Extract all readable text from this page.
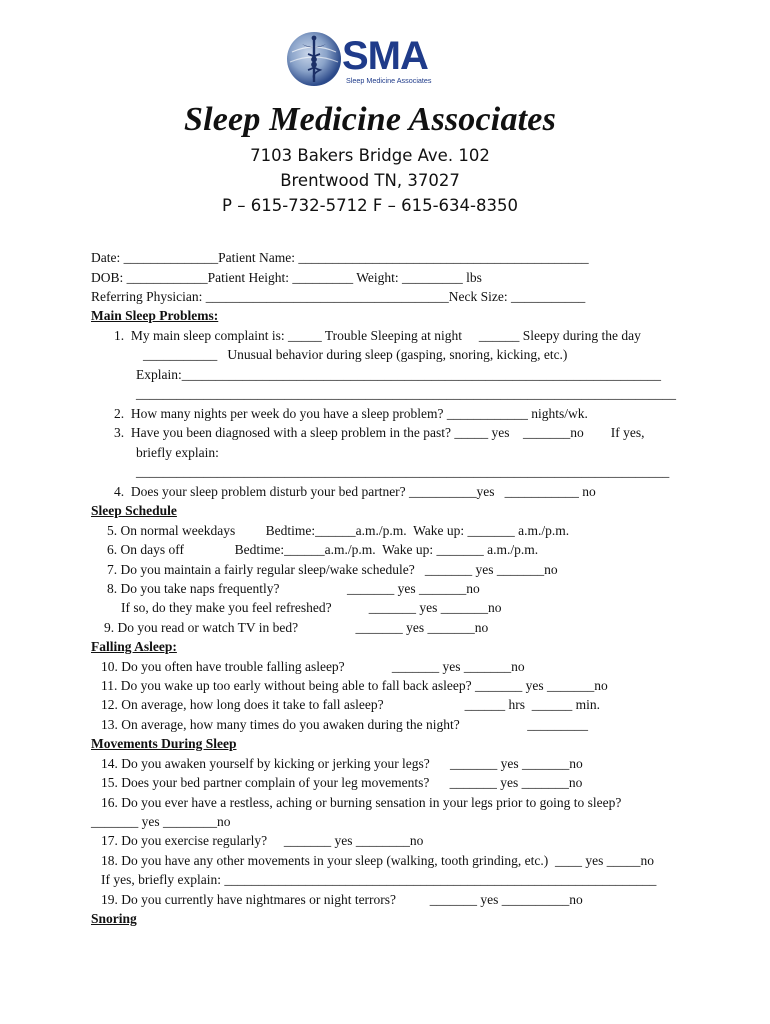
SMA
Sleep Medicine Associates
Sleep Medicine Associates
7103 Bakers Bridge Ave. 102
Brentwood TN, 37027
P – 615-732-5712 F – 615-634-8350
Date: ______________Patient Name: ___________________________________________
DOB: ____________Patient Height: _________ Weight: _________ lbs
Referring Physician: ____________________________________Neck Size: ___________
Main Sleep Problems:
1.  My main sleep complaint is: _____ Trouble Sleeping at night     ______ Sleepy during the day
___________   Unusual behavior during sleep (gasping, snoring, kicking, etc.)
Explain:_______________________________________________________________________
________________________________________________________________________________
2.  How many nights per week do you have a sleep problem? ____________ nights/wk.
3.  Have you been diagnosed with a sleep problem in the past? _____ yes    _______no        If yes,
briefly explain:
_______________________________________________________________________________
4.  Does your sleep problem disturb your bed partner? __________yes   ___________ no
Sleep Schedule
5. On normal weekdays         Bedtime:______a.m./p.m.  Wake up: _______ a.m./p.m.
6. On days off               Bedtime:______a.m./p.m.  Wake up: _______ a.m./p.m.
7. Do you maintain a fairly regular sleep/wake schedule?   _______ yes _______no
8. Do you take naps frequently?                    _______ yes _______no
If so, do they make you feel refreshed?           _______ yes _______no
9. Do you read or watch TV in bed?                 _______ yes _______no
Falling Asleep:
10. Do you often have trouble falling asleep?              _______ yes _______no
11. Do you wake up too early without being able to fall back asleep? _______ yes _______no
12. On average, how long does it take to fall asleep?                        ______ hrs  ______ min.
13. On average, how many times do you awaken during the night?                    _________
Movements During Sleep
14. Do you awaken yourself by kicking or jerking your legs?      _______ yes _______no
15. Does your bed partner complain of your leg movements?      _______ yes _______no
16. Do you ever have a restless, aching or burning sensation in your legs prior to going to sleep?
_______ yes ________no
17. Do you exercise regularly?     _______ yes ________no
18. Do you have any other movements in your sleep (walking, tooth grinding, etc.)  ____ yes _____no
If yes, briefly explain: ________________________________________________________________
19. Do you currently have nightmares or night terrors?          _______ yes __________no
Snoring
